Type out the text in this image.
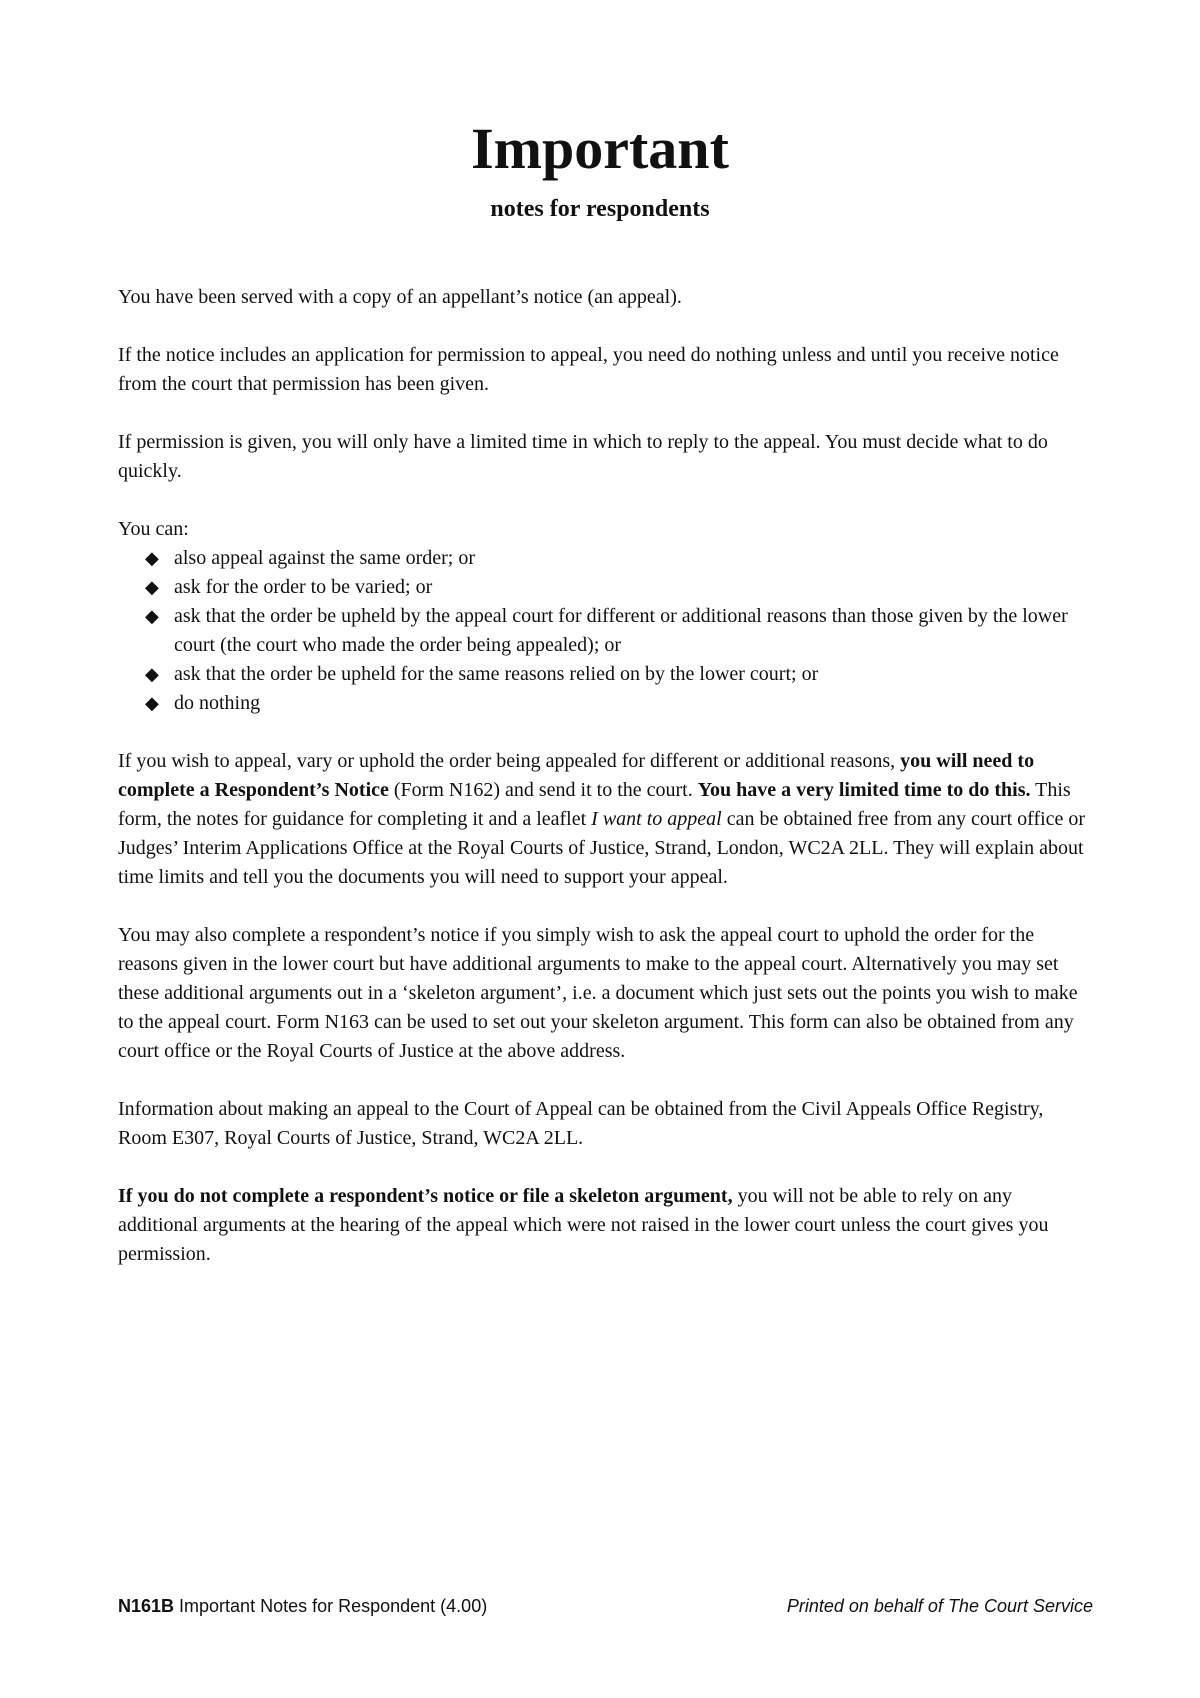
Important
notes for respondents

You have been served with a copy of an appellant’s notice (an appeal).

If the notice includes an application for permission to appeal, you need do nothing unless and until you receive notice from the court that permission has been given.

If permission is given, you will only have a limited time in which to reply to the appeal. You must decide what to do quickly.

You can:

◆ also appeal against the same order; or
◆ ask for the order to be varied; or
◆ ask that the order be upheld by the appeal court for different or additional reasons than those given by the lower court (the court who made the order being appealed); or
◆ ask that the order be upheld for the same reasons relied on by the lower court; or
◆ do nothing

If you wish to appeal, vary or uphold the order being appealed for different or additional reasons, you will need to complete a Respondent’s Notice (Form N162) and send it to the court. You have a very limited time to do this. This form, the notes for guidance for completing it and a leaflet I want to appeal can be obtained free from any court office or Judges’ Interim Applications Office at the Royal Courts of Justice, Strand, London, WC2A 2LL. They will explain about time limits and tell you the documents you will need to support your appeal.

You may also complete a respondent’s notice if you simply wish to ask the appeal court to uphold the order for the reasons given in the lower court but have additional arguments to make to the appeal court. Alternatively you may set these additional arguments out in a ‘skeleton argument’, i.e. a document which just sets out the points you wish to make to the appeal court. Form N163 can be used to set out your skeleton argument. This form can also be obtained from any court office or the Royal Courts of Justice at the above address.

Information about making an appeal to the Court of Appeal can be obtained from the Civil Appeals Office Registry, Room E307, Royal Courts of Justice, Strand, WC2A 2LL.

If you do not complete a respondent’s notice or file a skeleton argument, you will not be able to rely on any additional arguments at the hearing of the appeal which were not raised in the lower court unless the court gives you permission.

N161B Important Notes for Respondent (4.00)	Printed on behalf of The Court Service
